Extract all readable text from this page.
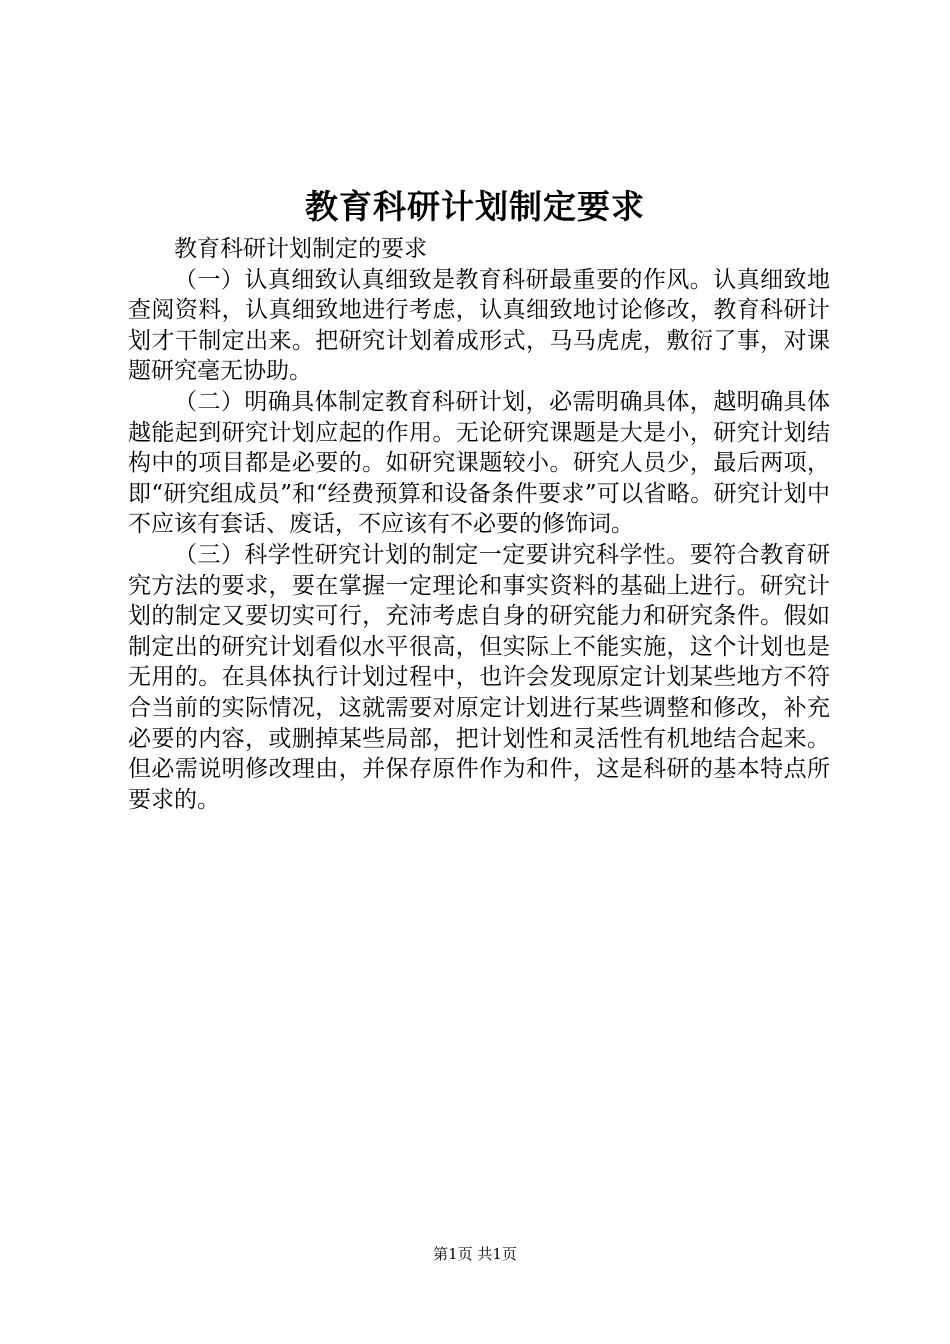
教育科研计划制定要求

教育科研计划制定的要求

（一）认真细致认真细致是教育科研最重要的作风。认真细致地查阅资料，认真细致地进行考虑，认真细致地讨论修改，教育科研计划才干制定出来。把研究计划着成形式，马马虎虎，敷衍了事，对课题研究毫无协助。

（二）明确具体制定教育科研计划，必需明确具体，越明确具体越能起到研究计划应起的作用。无论研究课题是大是小，研究计划结构中的项目都是必要的。如研究课题较小。研究人员少，最后两项，即“研究组成员”和“经费预算和设备条件要求”可以省略。研究计划中不应该有套话、废话，不应该有不必要的修饰词。

（三）科学性研究计划的制定一定要讲究科学性。要符合教育研究方法的要求，要在掌握一定理论和事实资料的基础上进行。研究计划的制定又要切实可行，充沛考虑自身的研究能力和研究条件。假如制定出的研究计划看似水平很高，但实际上不能实施，这个计划也是无用的。在具体执行计划过程中，也许会发现原定计划某些地方不符合当前的实际情况，这就需要对原定计划进行某些调整和修改，补充必要的内容，或删掉某些局部，把计划性和灵活性有机地结合起来。但必需说明修改理由，并保存原件作为和件，这是科研的基本特点所要求的。

第1页 共1页
